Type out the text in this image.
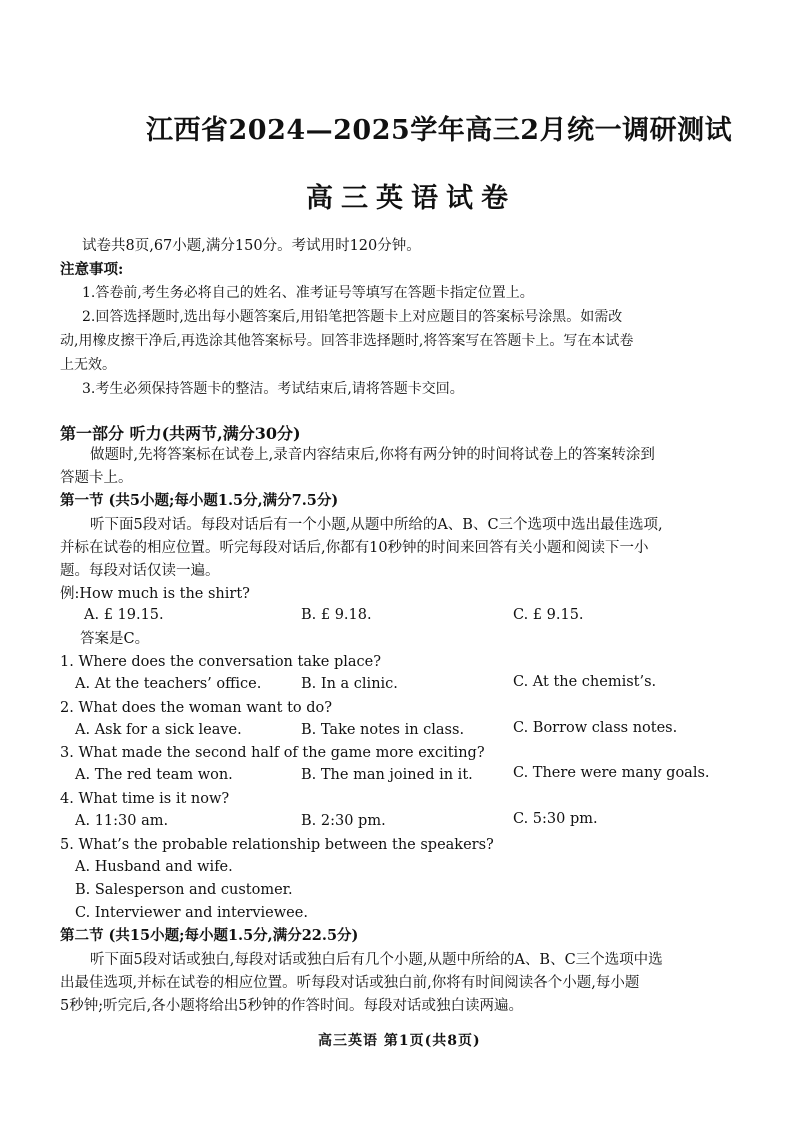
江西省2024—2025学年高三2月统一调研测试
高三英语试卷
试卷共8页,67小题,满分150分。考试用时120分钟。
注意事项:
1.答卷前,考生务必将自己的姓名、准考证号等填写在答题卡指定位置上。
2.回答选择题时,选出每小题答案后,用铅笔把答题卡上对应题目的答案标号涂黑。如需改
动,用橡皮擦干净后,再选涂其他答案标号。回答非选择题时,将答案写在答题卡上。写在本试卷
上无效。
3.考生必须保持答题卡的整洁。考试结束后,请将答题卡交回。
第一部分 听力(共两节,满分30分)
做题时,先将答案标在试卷上,录音内容结束后,你将有两分钟的时间将试卷上的答案转涂到
答题卡上。
第一节 (共5小题;每小题1.5分,满分7.5分)
听下面5段对话。每段对话后有一个小题,从题中所给的A、B、C三个选项中选出最佳选项,
并标在试卷的相应位置。听完每段对话后,你都有10秒钟的时间来回答有关小题和阅读下一小
题。每段对话仅读一遍。
例:How much is the shirt?
A. £ 19.15.	B. £ 9.18.	C. £ 9.15.
答案是C。
1. Where does the conversation take place?
A. At the teachers’ office.	B. In a clinic.	C. At the chemist’s.
2. What does the woman want to do?
A. Ask for a sick leave.	B. Take notes in class.	C. Borrow class notes.
3. What made the second half of the game more exciting?
A. The red team won.	B. The man joined in it.	C. There were many goals.
4. What time is it now?
A. 11:30 am.	B. 2:30 pm.	C. 5:30 pm.
5. What’s the probable relationship between the speakers?
A. Husband and wife.
B. Salesperson and customer.
C. Interviewer and interviewee.
第二节 (共15小题;每小题1.5分,满分22.5分)
听下面5段对话或独白,每段对话或独白后有几个小题,从题中所给的A、B、C三个选项中选
出最佳选项,并标在试卷的相应位置。听每段对话或独白前,你将有时间阅读各个小题,每小题
5秒钟;听完后,各小题将给出5秒钟的作答时间。每段对话或独白读两遍。
高三英语 第1页(共8页)
